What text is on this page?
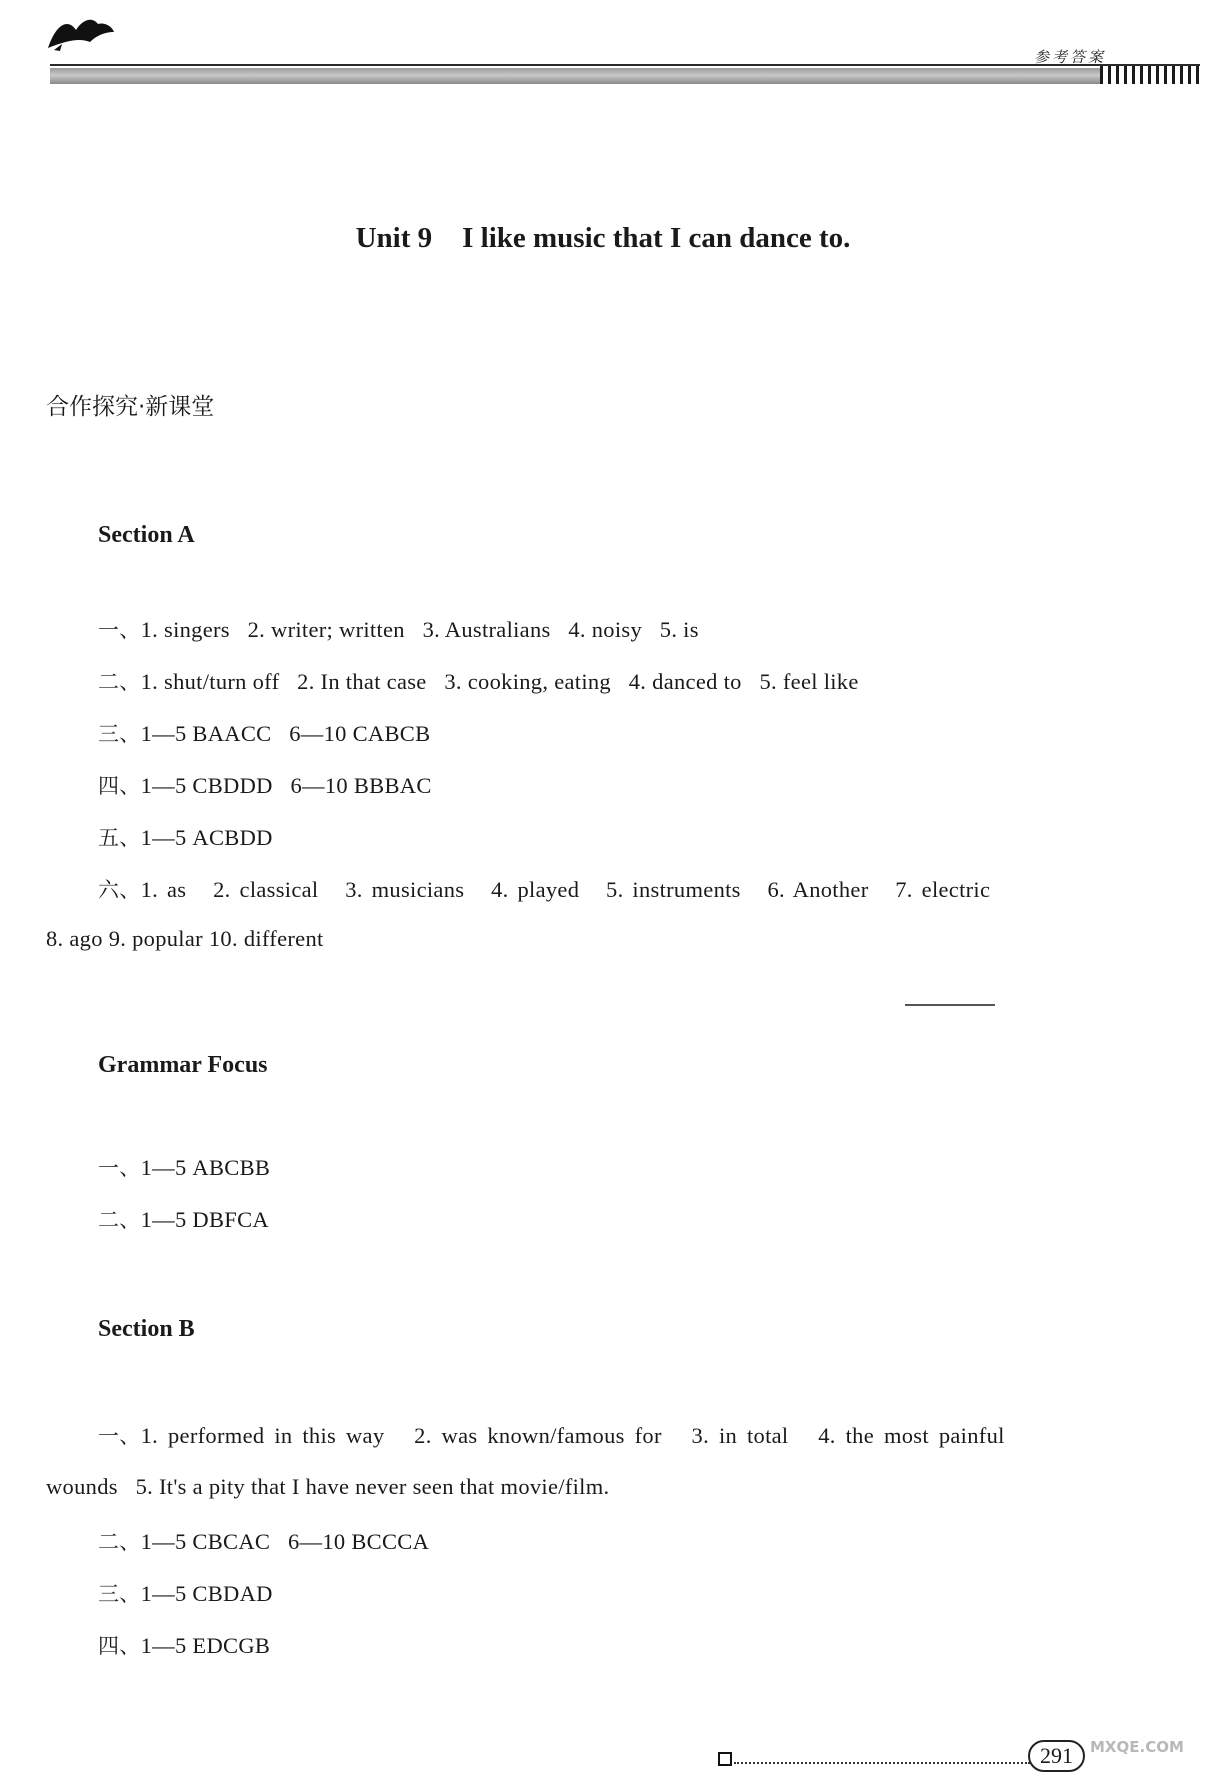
参考答案
Unit 9 I like music that I can dance to.
合作探究·新课堂
Section A
一、1. singers   2. writer; written   3. Australians   4. noisy   5. is
二、1. shut/turn off   2. In that case   3. cooking, eating   4. danced to   5. feel like
三、1—5 BAACC   6—10 CABCB
四、1—5 CBDDD   6—10 BBBAC
五、1—5 ACBDD
六、1. as   2. classical   3. musicians   4. played   5. instruments   6. Another   7. electric
8. ago 9. popular 10. different
Grammar Focus
一、1—5 ABCBB
二、1—5 DBFCA
Section B
一、1. performed in this way   2. was known/famous for   3. in total   4. the most painful
wounds   5. It's a pity that I have never seen that movie/film.
二、1—5 CBCAC   6—10 BCCCA
三、1—5 CBDAD
四、1—5 EDCGB
291	MXQE.COM
